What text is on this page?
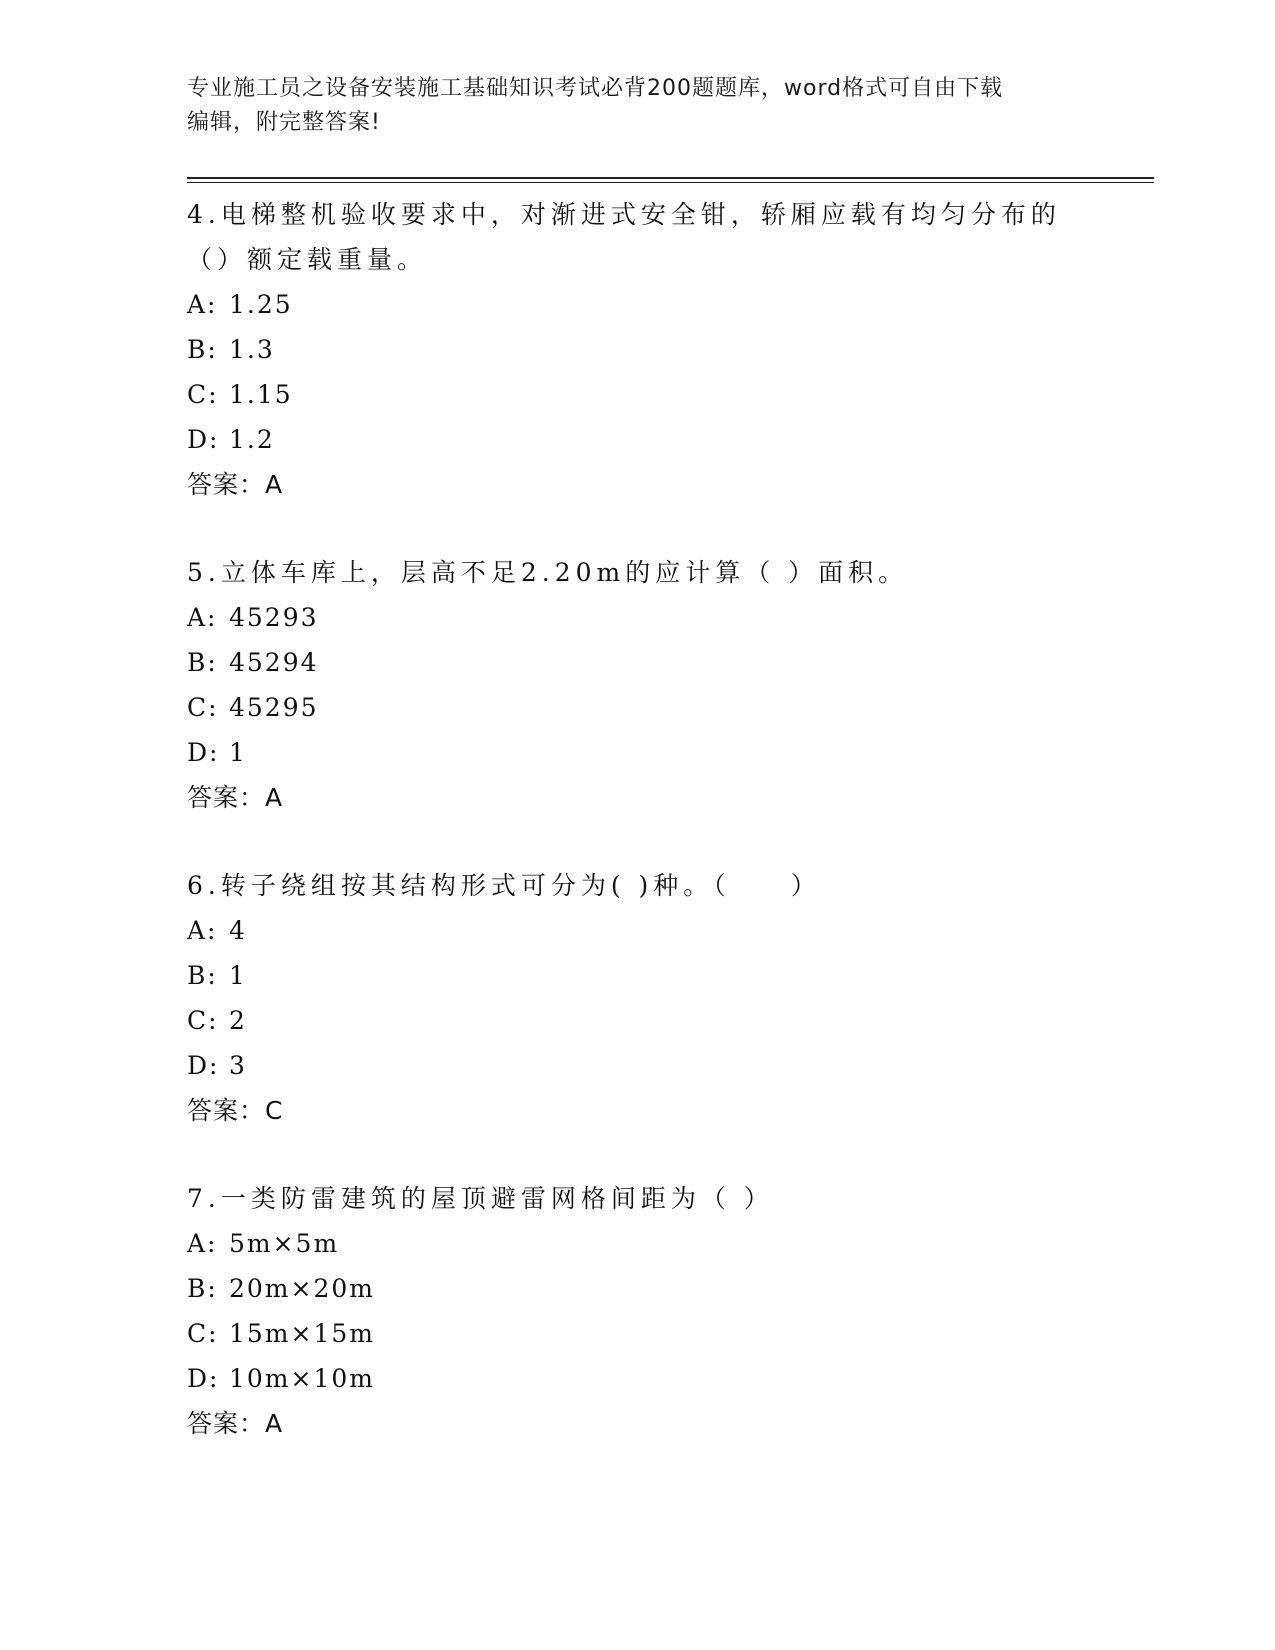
专业施工员之设备安装施工基础知识考试必背200题题库，word格式可自由下载
编辑，附完整答案!

4.电梯整机验收要求中，对渐进式安全钳，轿厢应载有均匀分布的（）额定载重量。

A: 1.25
B: 1.3
C: 1.15
D: 1.2
答案：A

5.立体车库上，层高不足2.20m的应计算（ ）面积。

A: 45293
B: 45294
C: 45295
D: 1
答案：A

6.转子绕组按其结构形式可分为( )种。（　　）

A: 4
B: 1
C: 2
D: 3
答案：C

7.一类防雷建筑的屋顶避雷网格间距为（ ）

A: 5m×5m
B: 20m×20m
C: 15m×15m
D: 10m×10m
答案：A
